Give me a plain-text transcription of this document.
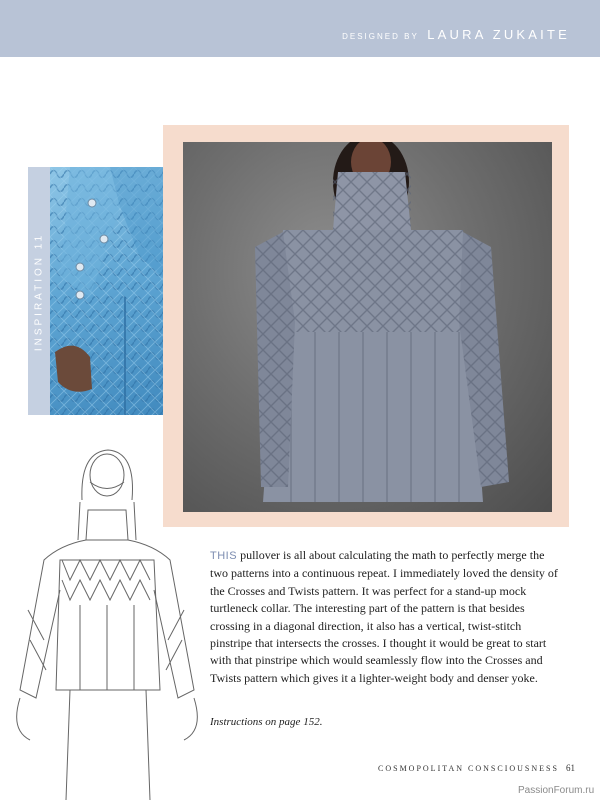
DESIGNED BY LAURA ZUKAITE
INSPIRATION 11
THIS pullover is all about calculating the math to perfectly merge the two patterns into a continuous repeat. I immediately loved the density of the Crosses and Twists pattern. It was perfect for a stand-up mock turtleneck collar. The interesting part of the pattern is that besides crossing in a diagonal direction, it also has a vertical, twist-stitch pinstripe that intersects the crosses. I thought it would be great to start with that pinstripe which would seamlessly flow into the Crosses and Twists pattern which gives it a lighter-weight body and denser yoke.
Instructions on page 152.
COSMOPOLITAN CONSCIOUSNESS 61
PassionForum.ru
